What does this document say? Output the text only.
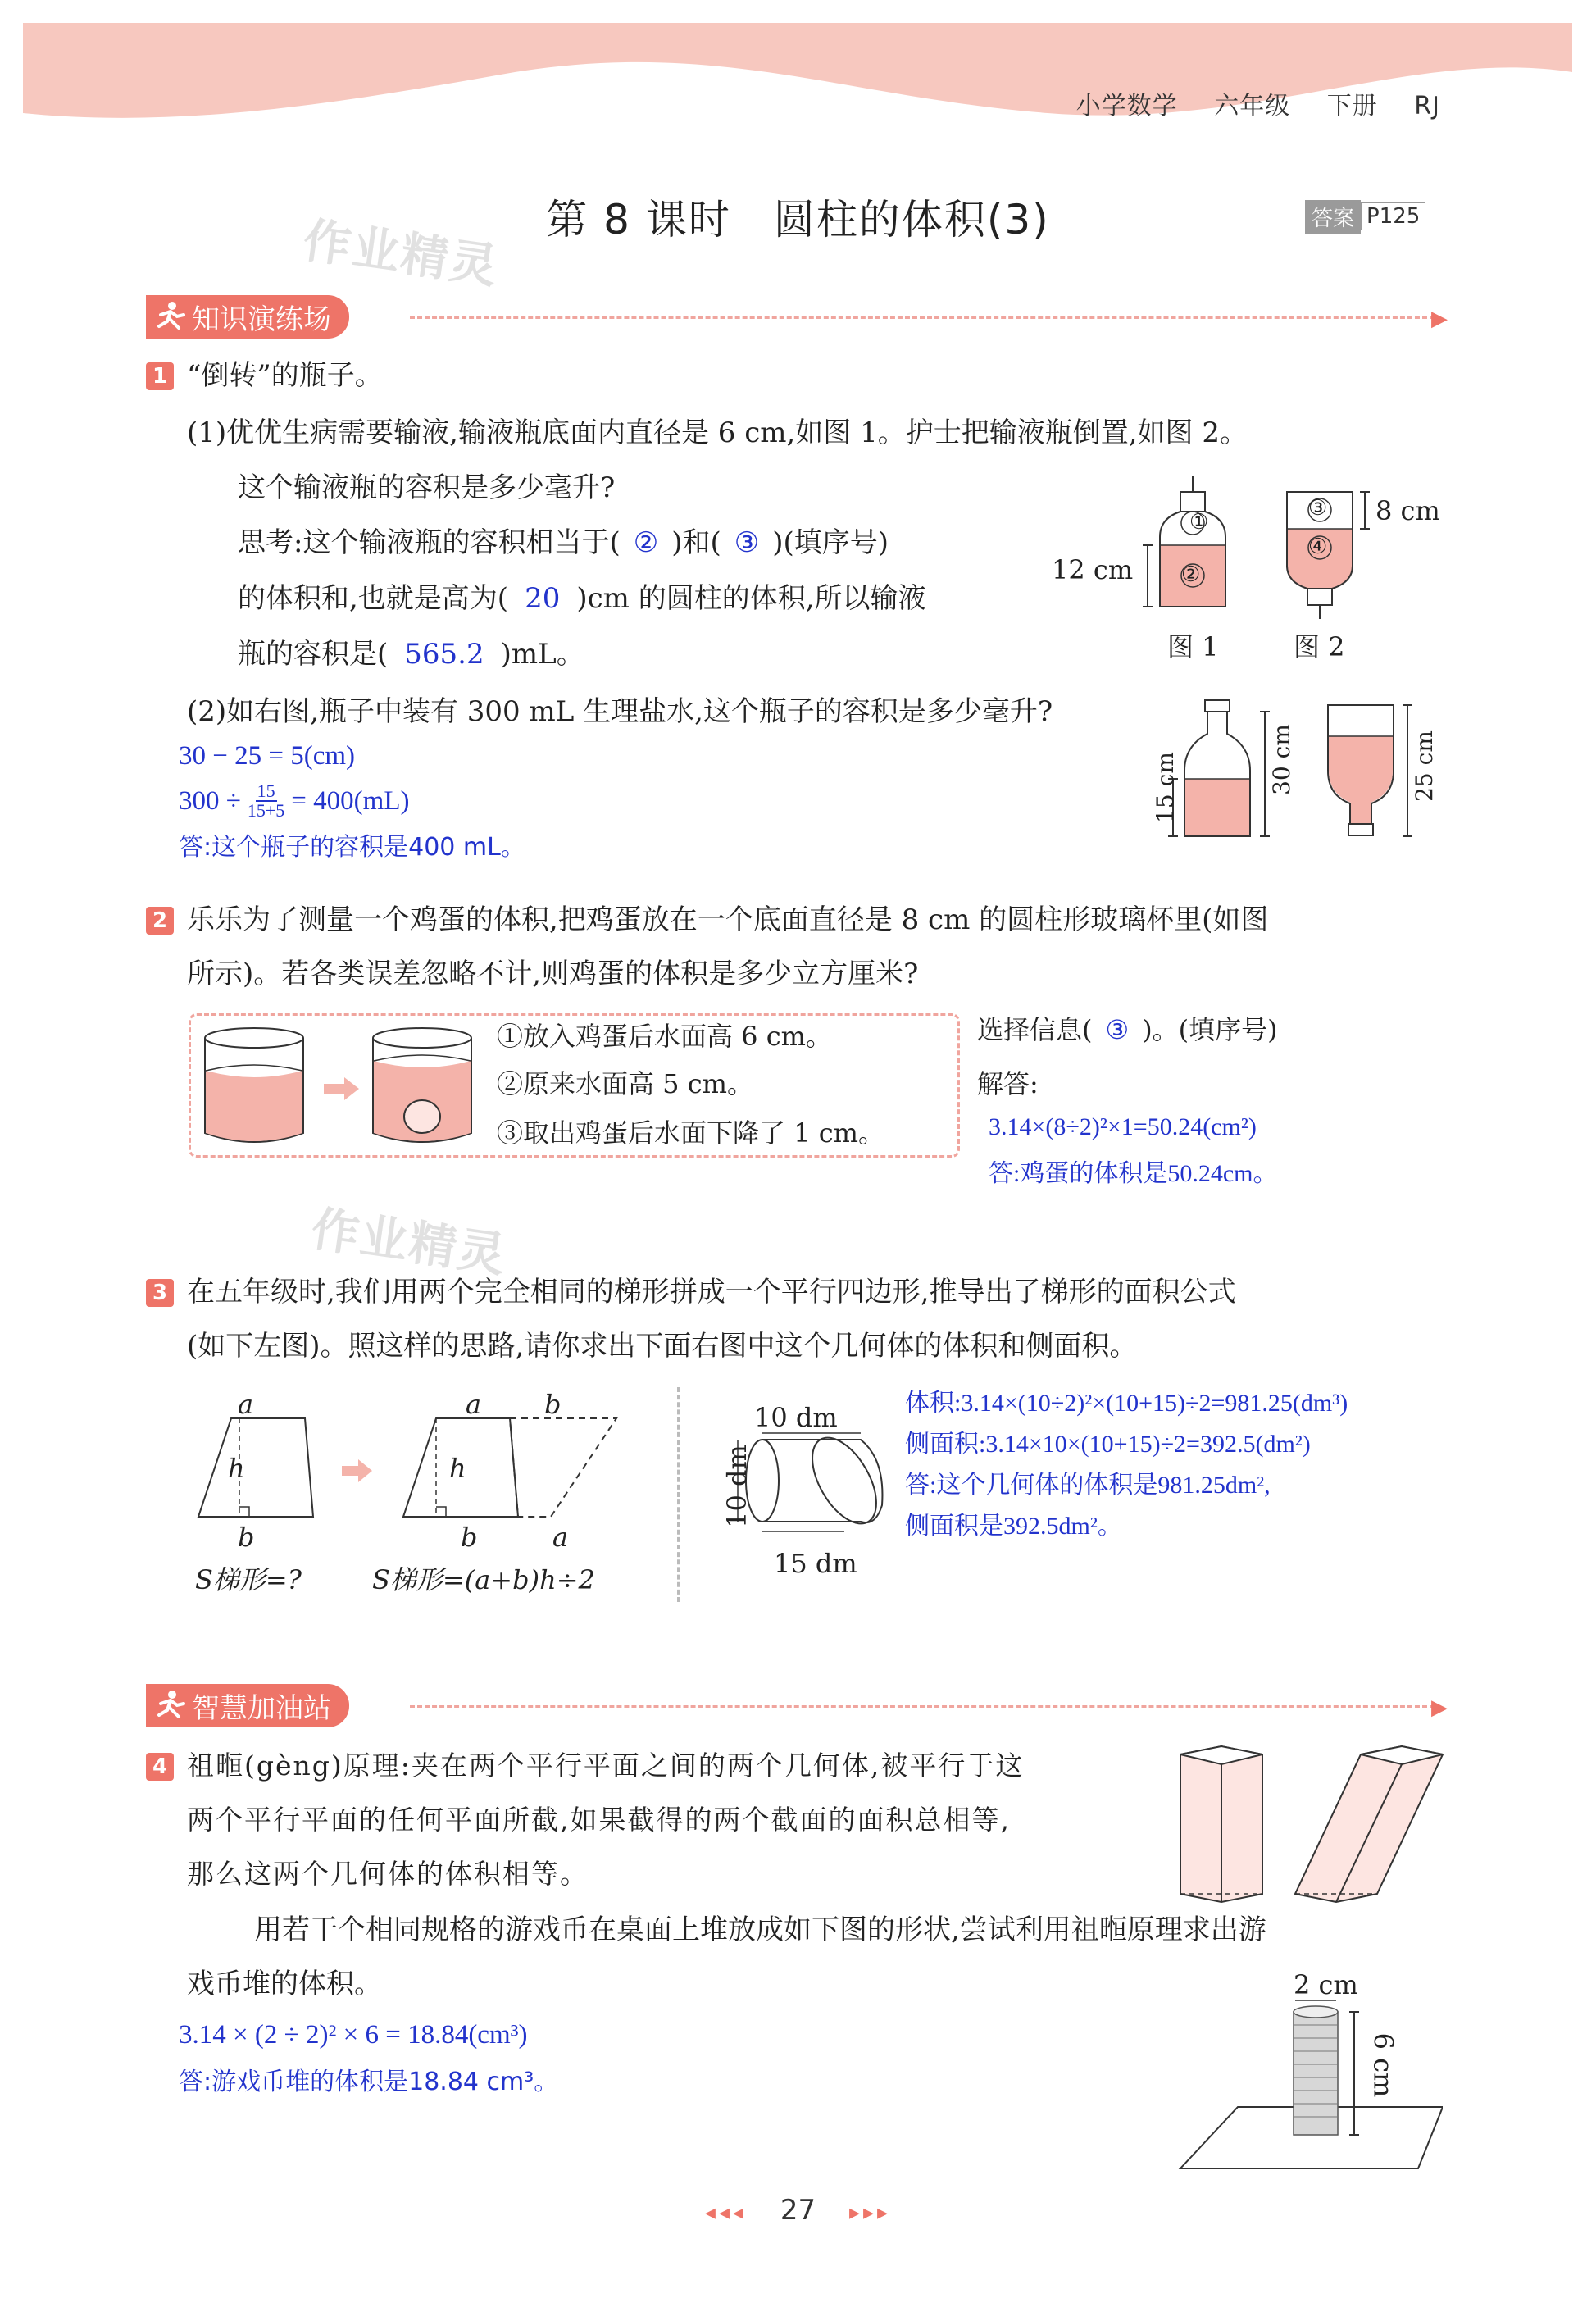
小学数学 六年级 下册 RJ
第 8 课时　圆柱的体积(3)	答案 P125
作业精灵
作业精灵
知识演练场	▶
1 “倒转”的瓶子。
(1)优优生病需要输液,输液瓶底面内直径是 6 cm,如图 1。护士把输液瓶倒置,如图 2。
这个输液瓶的容积是多少毫升?
思考:这个输液瓶的容积相当于( ② )和( ③ )(填序号)
的体积和,也就是高为( 20 )cm 的圆柱的体积,所以输液
瓶的容积是( 565.2 )mL。
①
②
③
④
12 cm
8 cm
图 1	图 2
(2)如右图,瓶子中装有 300 mL 生理盐水,这个瓶子的容积是多少毫升?
30 − 25 = 5(cm)
$300 \div \frac{15}{15+5} = 400(mL)$
答:这个瓶子的容积是400 mL。
15 cm	30 cm	25 cm
2 乐乐为了测量一个鸡蛋的体积,把鸡蛋放在一个底面直径是 8 cm 的圆柱形玻璃杯里(如图
所示)。若各类误差忽略不计,则鸡蛋的体积是多少立方厘米?
①放入鸡蛋后水面高 6 cm。
②原来水面高 5 cm。
③取出鸡蛋后水面下降了 1 cm。
选择信息( ③ )。(填序号)
解答:
3.14×(8÷2)²×1=50.24(cm²)
答:鸡蛋的体积是50.24cm。
3 在五年级时,我们用两个完全相同的梯形拼成一个平行四边形,推导出了梯形的面积公式
(如下左图)。照这样的思路,请你求出下面右图中这个几何体的体积和侧面积。
a
h
b
a b
h
b	a
S梯形=?	S梯形=(a+b)h÷2
10 dm
10 dm
15 dm
体积:3.14×(10÷2)²×(10+15)÷2=981.25(dm³)
侧面积:3.14×10×(10+15)÷2=392.5(dm²)
答:这个几何体的体积是981.25dm²,
侧面积是392.5dm²。
智慧加油站	▶
4 祖暅(gèng)原理:夹在两个平行平面之间的两个几何体,被平行于这
两个平行平面的任何平面所截,如果截得的两个截面的面积总相等,
那么这两个几何体的体积相等。
用若干个相同规格的游戏币在桌面上堆放成如下图的形状,尝试利用祖暅原理求出游
戏币堆的体积。
3.14 × (2 ÷ 2)² × 6 = 18.84(cm³)
答:游戏币堆的体积是18.84 cm³。
2 cm
6 cm
◂◂◂ 27 ▸▸▸
